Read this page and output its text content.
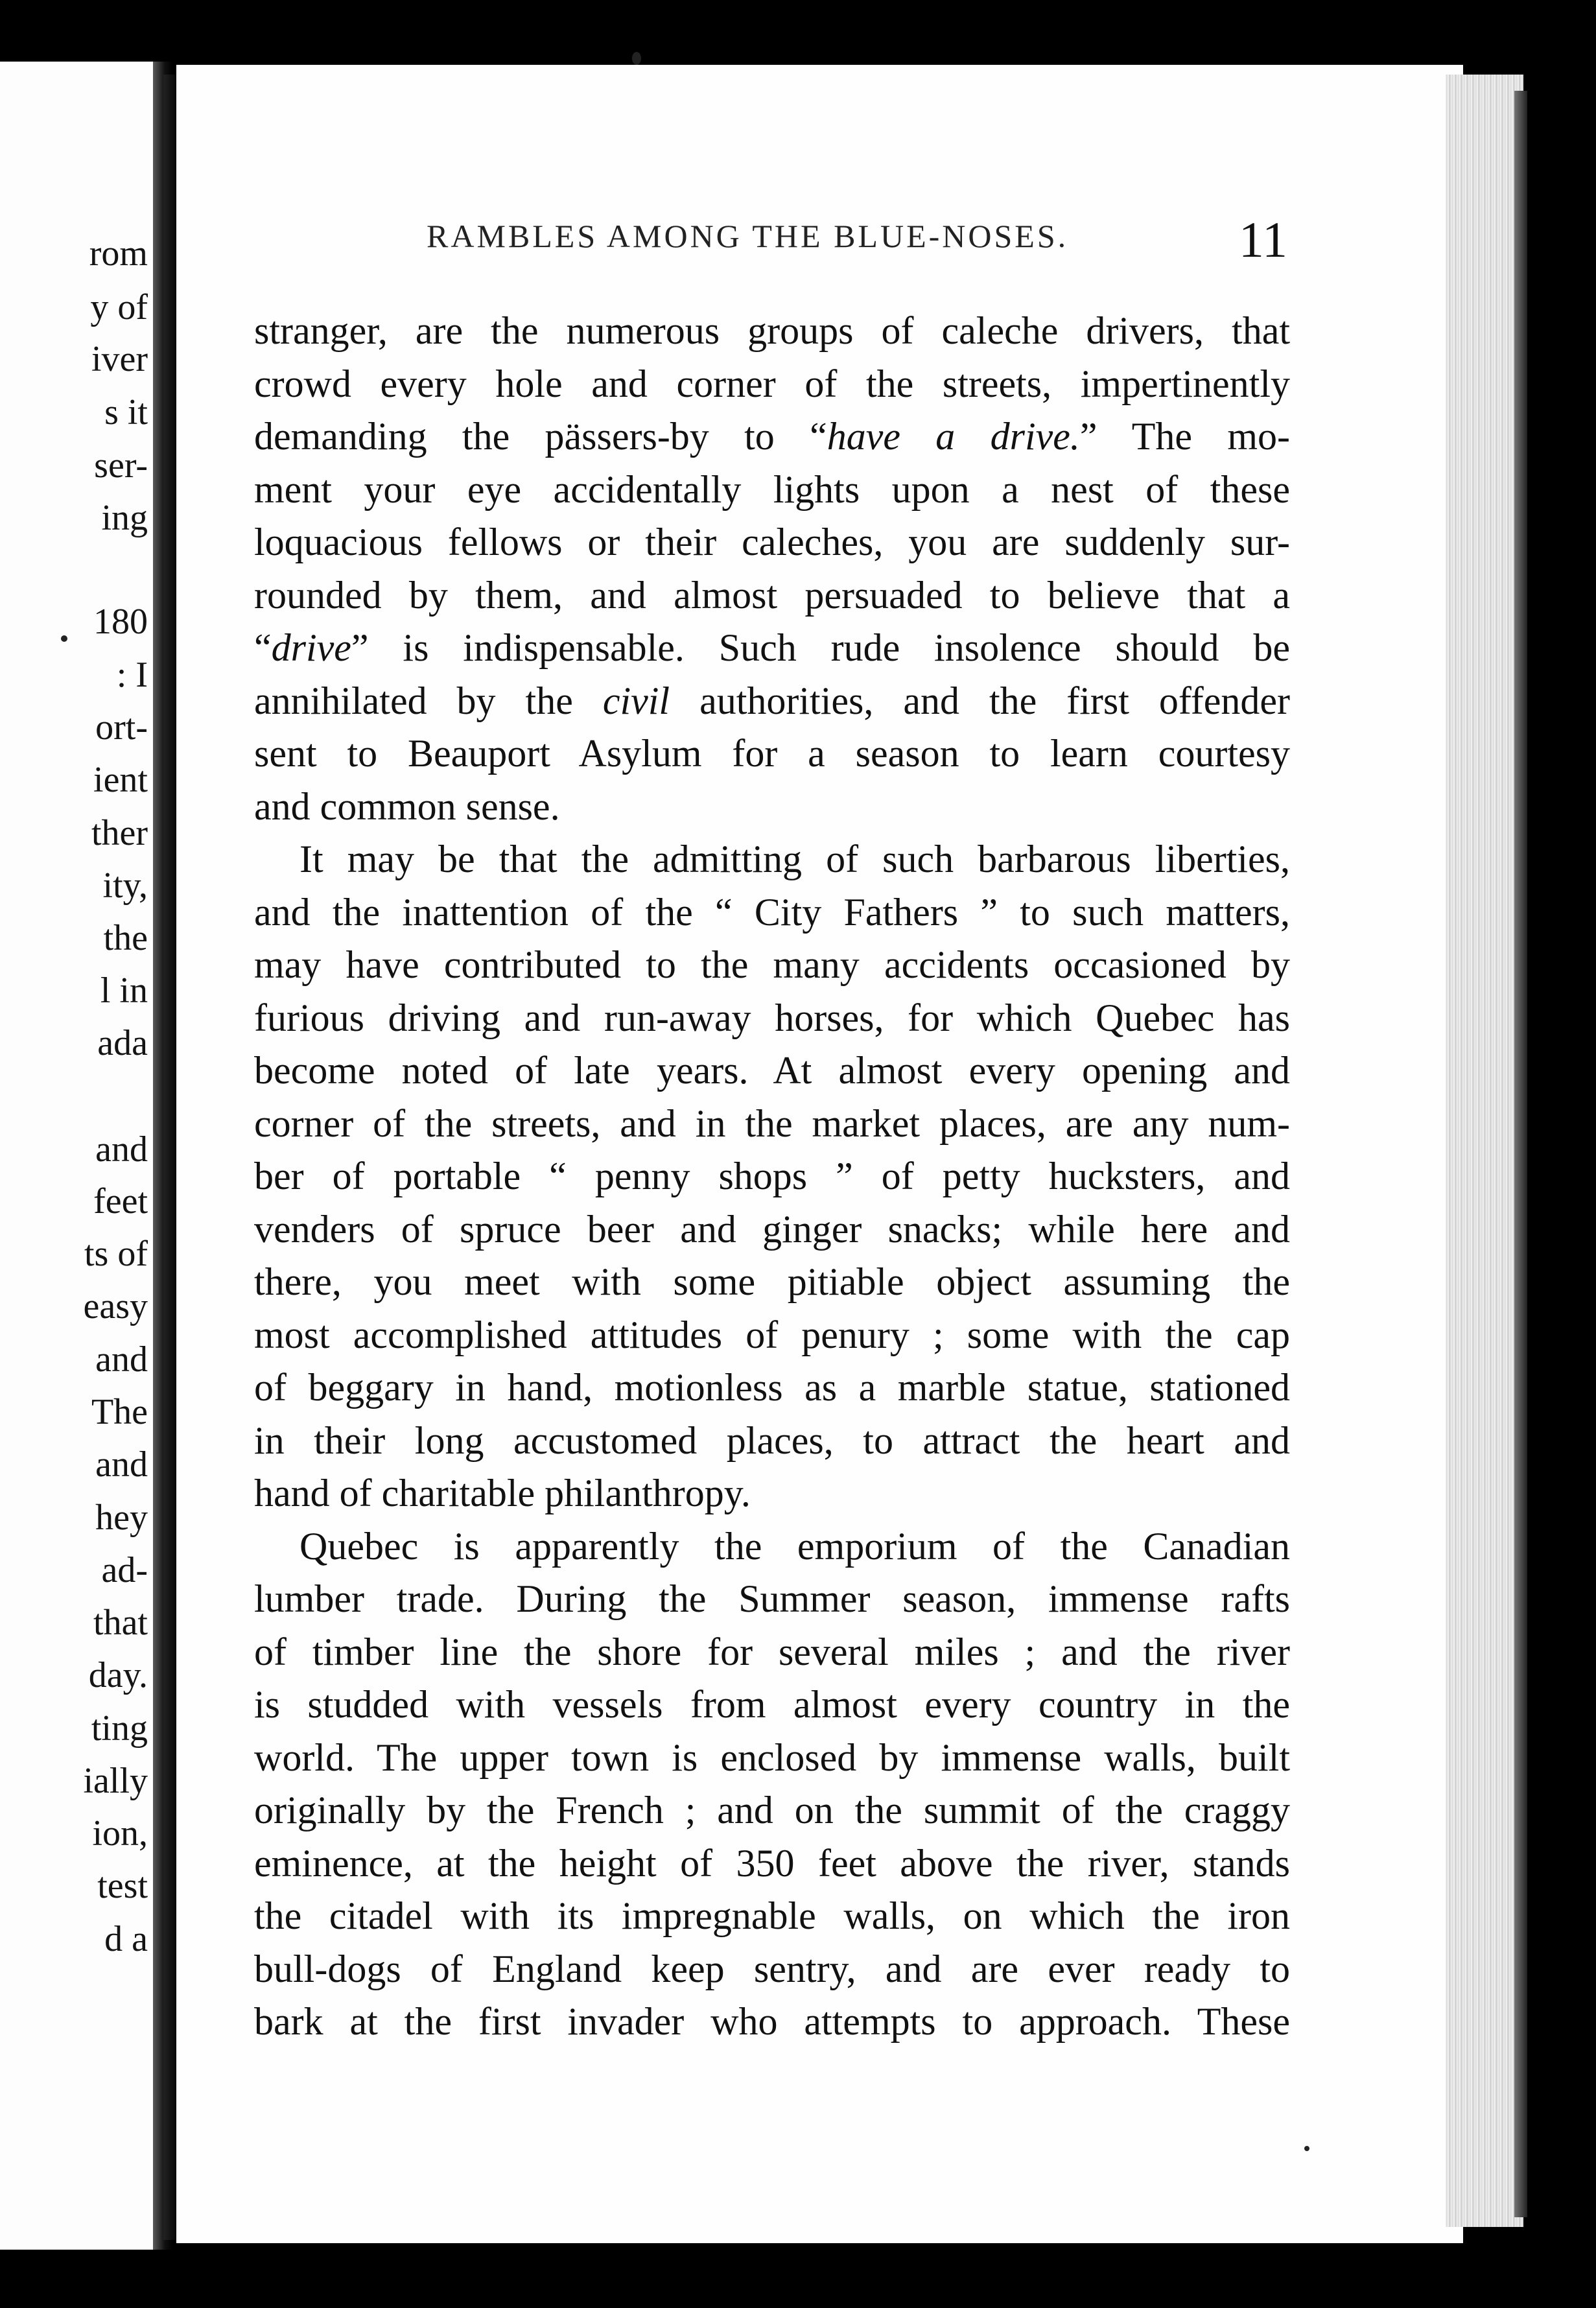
rom
y of
iver
s it
ser-
ing
180
: I
ort-
ient
ther
ity,
the
l in
ada
and
feet
ts of
easy
and
The
and
hey
ad-
that
day.
ting
ially
ion,
test
d a
RAMBLES AMONG THE BLUE-NOSES.	11
stranger, are the numerous groups of caleche drivers, that
crowd every hole and corner of the streets, impertinently
demanding the pässers-by to “have a drive.” The mo-
ment your eye accidentally lights upon a nest of these
loquacious fellows or their caleches, you are suddenly sur-
rounded by them, and almost persuaded to believe that a
“drive” is indispensable. Such rude insolence should be
annihilated by the civil authorities, and the first offender
sent to Beauport Asylum for a season to learn courtesy
and common sense.
It may be that the admitting of such barbarous liberties,
and the inattention of the “ City Fathers ” to such matters,
may have contributed to the many accidents occasioned by
furious driving and run-away horses, for which Quebec has
become noted of late years. At almost every opening and
corner of the streets, and in the market places, are any num-
ber of portable “ penny shops ” of petty hucksters, and
venders of spruce beer and ginger snacks; while here and
there, you meet with some pitiable object assuming the
most accomplished attitudes of penury ; some with the cap
of beggary in hand, motionless as a marble statue, stationed
in their long accustomed places, to attract the heart and
hand of charitable philanthropy.
Quebec is apparently the emporium of the Canadian
lumber trade. During the Summer season, immense rafts
of timber line the shore for several miles ; and the river
is studded with vessels from almost every country in the
world. The upper town is enclosed by immense walls, built
originally by the French ; and on the summit of the craggy
eminence, at the height of 350 feet above the river, stands
the citadel with its impregnable walls, on which the iron
bull-dogs of England keep sentry, and are ever ready to
bark at the first invader who attempts to approach. These
